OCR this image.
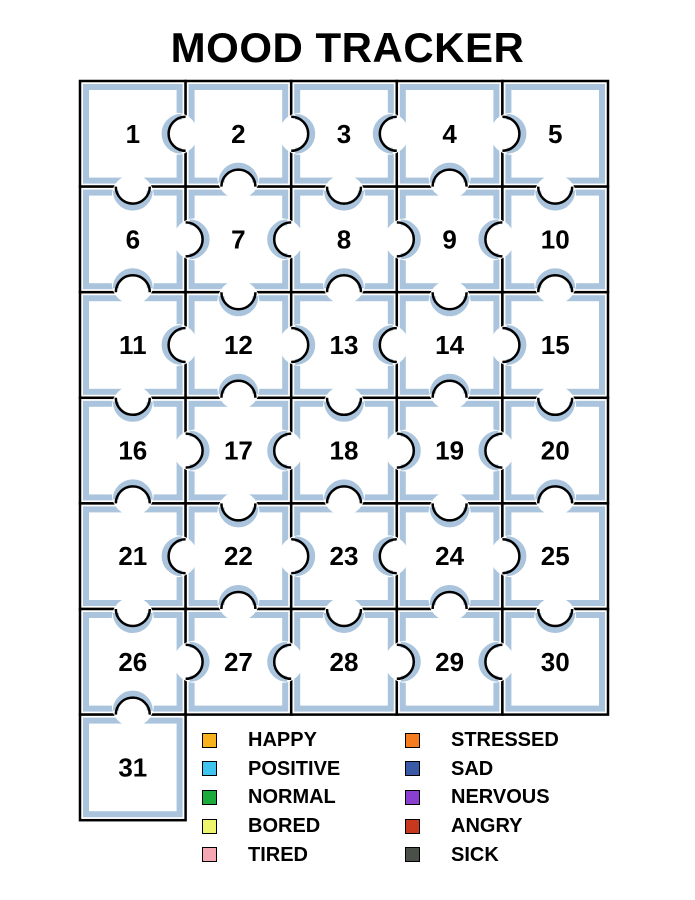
MOOD TRACKER
1	2	3	4	5
6	7	8	9	10
11	12	13	14	15
16	17	18	19	20
21	22	23	24	25
26	27	28	29	30
31
HAPPY
POSITIVE
NORMAL
BORED
TIRED
STRESSED
SAD
NERVOUS
ANGRY
SICK
